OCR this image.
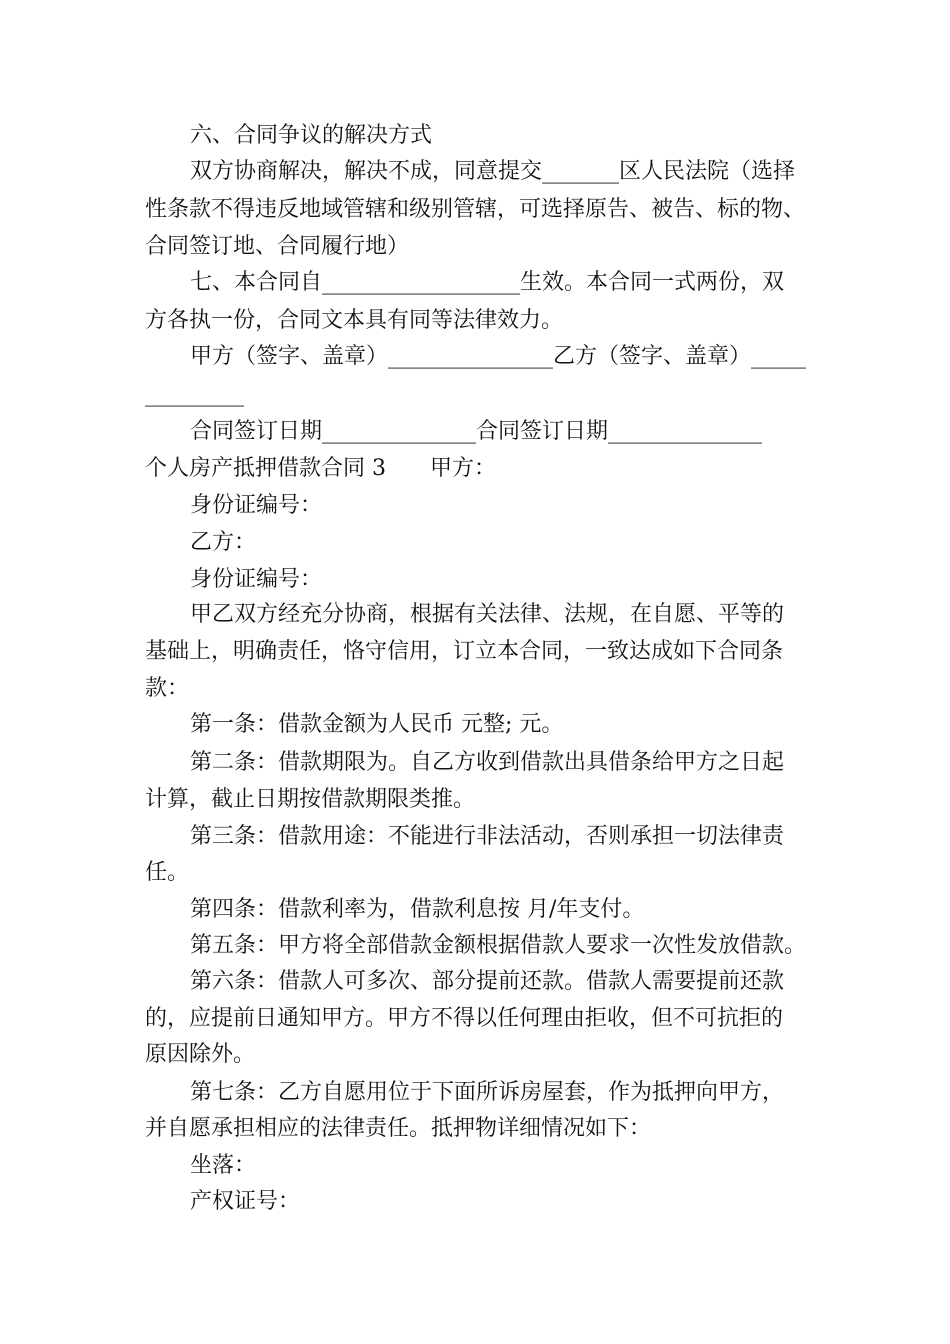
六、合同争议的解决方式
双方协商解决，解决不成，同意提交_______区人民法院（选择
性条款不得违反地域管辖和级别管辖，可选择原告、被告、标的物、
合同签订地、合同履行地）
七、本合同自__________________生效。本合同一式两份，双
方各执一份，合同文本具有同等法律效力。
甲方（签字、盖章）_______________乙方（签字、盖章）_____
_________
合同签订日期______________合同签订日期______________
个人房产抵押借款合同 3　　甲方：
身份证编号：
乙方：
身份证编号：
甲乙双方经充分协商，根据有关法律、法规，在自愿、平等的
基础上，明确责任，恪守信用，订立本合同，一致达成如下合同条
款：
第一条：借款金额为人民币 元整; 元。
第二条：借款期限为。自乙方收到借款出具借条给甲方之日起
计算，截止日期按借款期限类推。
第三条：借款用途：不能进行非法活动，否则承担一切法律责
任。
第四条：借款利率为，借款利息按 月/年支付。
第五条：甲方将全部借款金额根据借款人要求一次性发放借款。
第六条：借款人可多次、部分提前还款。借款人需要提前还款
的，应提前日通知甲方。甲方不得以任何理由拒收，但不可抗拒的
原因除外。
第七条：乙方自愿用位于下面所诉房屋套，作为抵押向甲方，
并自愿承担相应的法律责任。抵押物详细情况如下：
坐落：
产权证号：
